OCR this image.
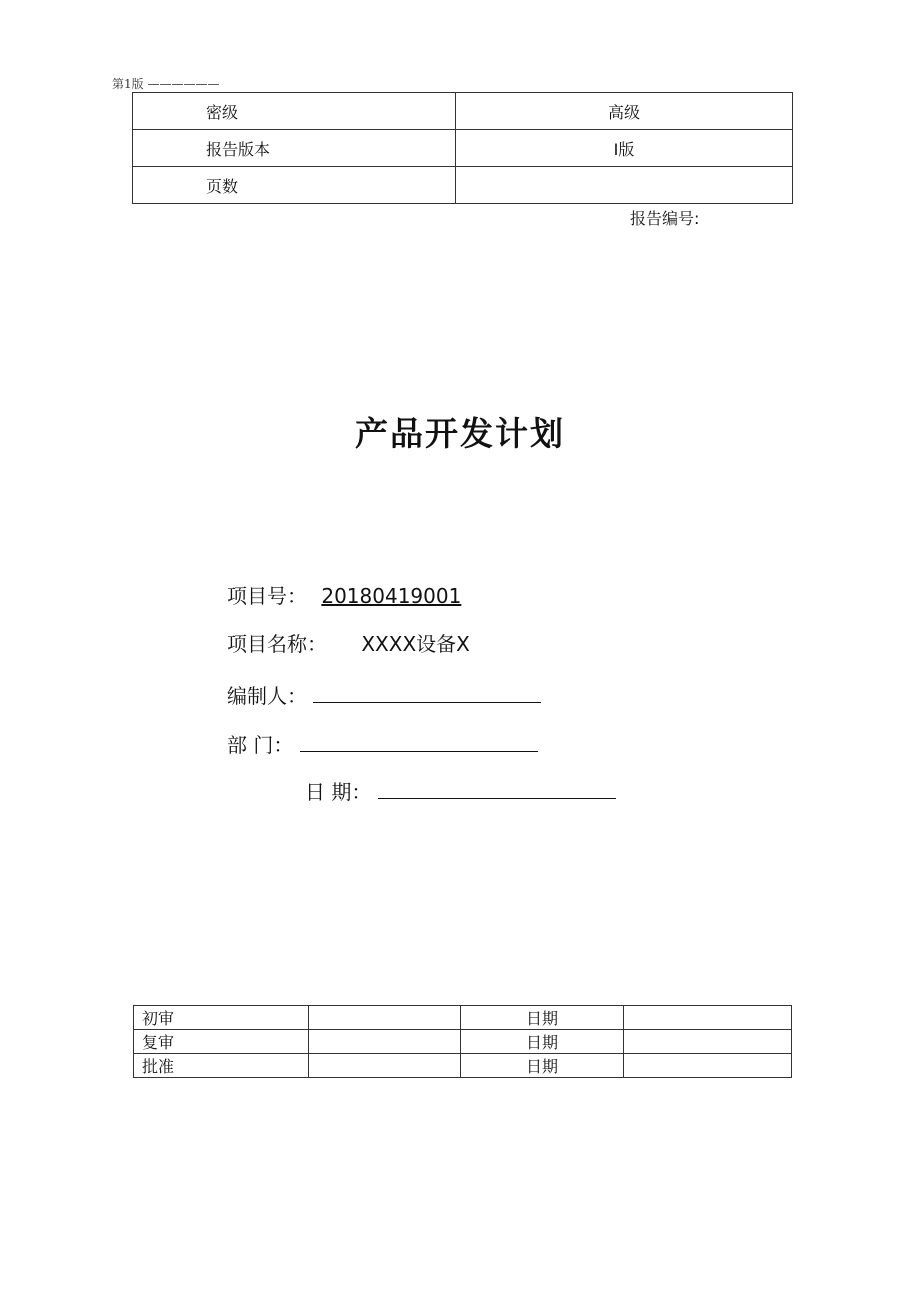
第1版 ——————
密级	高级
报告版本	I版
页数	
报告编号:
产品开发计划
项目号： 20180419001
项目名称： XXXX设备X
编制人：
部 门：
日 期：
初审		日期	
复审		日期	
批准		日期	
